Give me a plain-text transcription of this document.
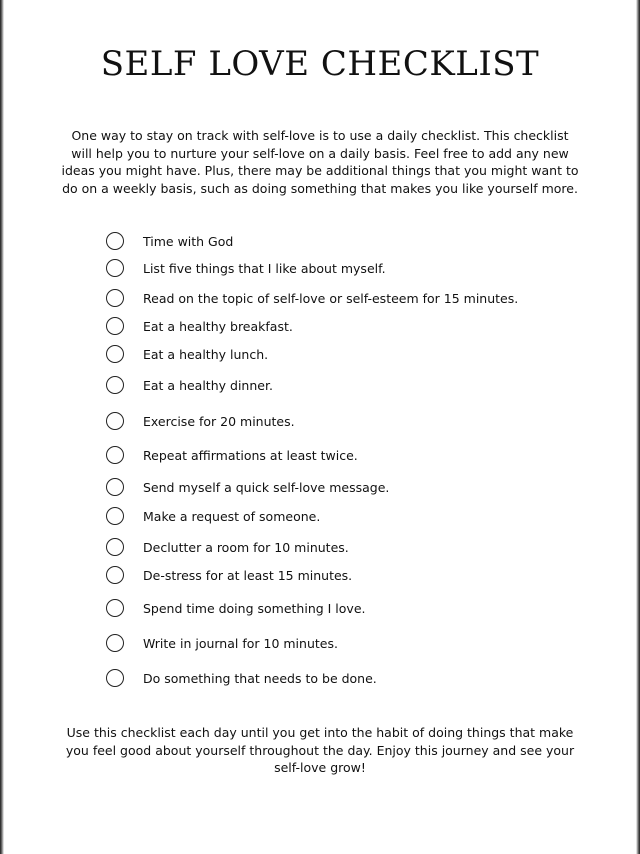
SELF LOVE CHECKLIST

One way to stay on track with self-love is to use a daily checklist. This checklist will help you to nurture your self-love on a daily basis. Feel free to add any new ideas you might have. Plus, there may be additional things that you might want to do on a weekly basis, such as doing something that makes you like yourself more.

Time with God
List five things that I like about myself.
Read on the topic of self-love or self-esteem for 15 minutes.
Eat a healthy breakfast.
Eat a healthy lunch.
Eat a healthy dinner.
Exercise for 20 minutes.
Repeat affirmations at least twice.
Send myself a quick self-love message.
Make a request of someone.
Declutter a room for 10 minutes.
De-stress for at least 15 minutes.
Spend time doing something I love.
Write in journal for 10 minutes.
Do something that needs to be done.

Use this checklist each day until you get into the habit of doing things that make you feel good about yourself throughout the day. Enjoy this journey and see your self-love grow!
